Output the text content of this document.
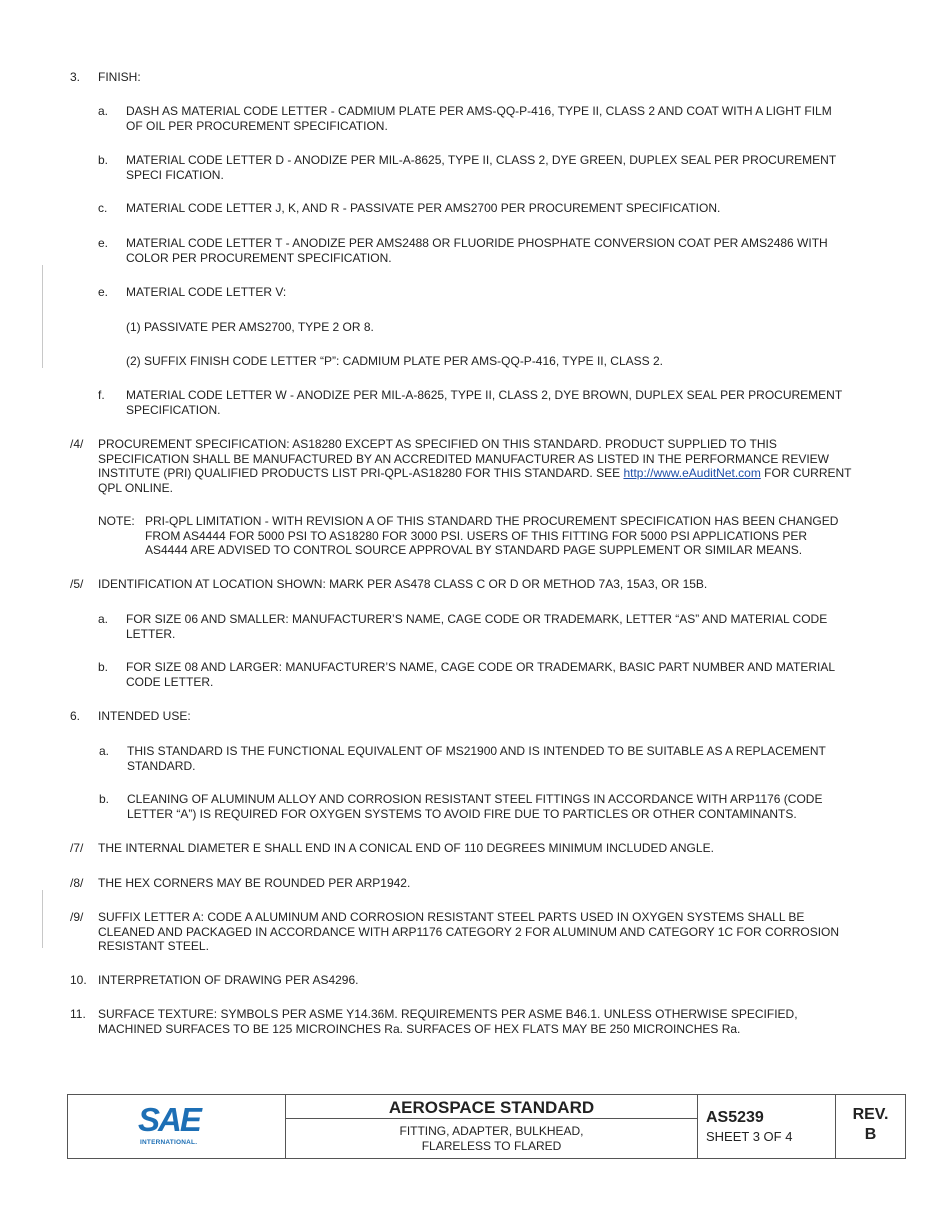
3. FINISH:
a. DASH AS MATERIAL CODE LETTER - CADMIUM PLATE PER AMS-QQ-P-416, TYPE II, CLASS 2 AND COAT WITH A LIGHT FILM
OF OIL PER PROCUREMENT SPECIFICATION.
b. MATERIAL CODE LETTER D - ANODIZE PER MIL-A-8625, TYPE II, CLASS 2, DYE GREEN, DUPLEX SEAL PER PROCUREMENT
SPECI FICATION.
c. MATERIAL CODE LETTER J, K, AND R - PASSIVATE PER AMS2700 PER PROCUREMENT SPECIFICATION.
e. MATERIAL CODE LETTER T - ANODIZE PER AMS2488 OR FLUORIDE PHOSPHATE CONVERSION COAT PER AMS2486 WITH
COLOR PER PROCUREMENT SPECIFICATION.
e. MATERIAL CODE LETTER V:
(1) PASSIVATE PER AMS2700, TYPE 2 OR 8.
(2) SUFFIX FINISH CODE LETTER “P”: CADMIUM PLATE PER AMS-QQ-P-416, TYPE II, CLASS 2.
f. MATERIAL CODE LETTER W - ANODIZE PER MIL-A-8625, TYPE II, CLASS 2, DYE BROWN, DUPLEX SEAL PER PROCUREMENT
SPECIFICATION.
/4/ PROCUREMENT SPECIFICATION: AS18280 EXCEPT AS SPECIFIED ON THIS STANDARD. PRODUCT SUPPLIED TO THIS
SPECIFICATION SHALL BE MANUFACTURED BY AN ACCREDITED MANUFACTURER AS LISTED IN THE PERFORMANCE REVIEW
INSTITUTE (PRI) QUALIFIED PRODUCTS LIST PRI-QPL-AS18280 FOR THIS STANDARD. SEE http://www.eAuditNet.com FOR CURRENT
QPL ONLINE.
NOTE: PRI-QPL LIMITATION - WITH REVISION A OF THIS STANDARD THE PROCUREMENT SPECIFICATION HAS BEEN CHANGED
FROM AS4444 FOR 5000 PSI TO AS18280 FOR 3000 PSI. USERS OF THIS FITTING FOR 5000 PSI APPLICATIONS PER
AS4444 ARE ADVISED TO CONTROL SOURCE APPROVAL BY STANDARD PAGE SUPPLEMENT OR SIMILAR MEANS.
/5/ IDENTIFICATION AT LOCATION SHOWN: MARK PER AS478 CLASS C OR D OR METHOD 7A3, 15A3, OR 15B.
a. FOR SIZE 06 AND SMALLER: MANUFACTURER’S NAME, CAGE CODE OR TRADEMARK, LETTER “AS” AND MATERIAL CODE
LETTER.
b. FOR SIZE 08 AND LARGER: MANUFACTURER’S NAME, CAGE CODE OR TRADEMARK, BASIC PART NUMBER AND MATERIAL
CODE LETTER.
6. INTENDED USE:
a. THIS STANDARD IS THE FUNCTIONAL EQUIVALENT OF MS21900 AND IS INTENDED TO BE SUITABLE AS A REPLACEMENT
STANDARD.
b. CLEANING OF ALUMINUM ALLOY AND CORROSION RESISTANT STEEL FITTINGS IN ACCORDANCE WITH ARP1176 (CODE
LETTER “A”) IS REQUIRED FOR OXYGEN SYSTEMS TO AVOID FIRE DUE TO PARTICLES OR OTHER CONTAMINANTS.
/7/ THE INTERNAL DIAMETER E SHALL END IN A CONICAL END OF 110 DEGREES MINIMUM INCLUDED ANGLE.
/8/ THE HEX CORNERS MAY BE ROUNDED PER ARP1942.
/9/ SUFFIX LETTER A: CODE A ALUMINUM AND CORROSION RESISTANT STEEL PARTS USED IN OXYGEN SYSTEMS SHALL BE
CLEANED AND PACKAGED IN ACCORDANCE WITH ARP1176 CATEGORY 2 FOR ALUMINUM AND CATEGORY 1C FOR CORROSION
RESISTANT STEEL.
10. INTERPRETATION OF DRAWING PER AS4296.
11. SURFACE TEXTURE: SYMBOLS PER ASME Y14.36M. REQUIREMENTS PER ASME B46.1. UNLESS OTHERWISE SPECIFIED,
MACHINED SURFACES TO BE 125 MICROINCHES Ra. SURFACES OF HEX FLATS MAY BE 250 MICROINCHES Ra.
SAE
INTERNATIONAL.
AEROSPACE STANDARD
FITTING, ADAPTER, BULKHEAD,
FLARELESS TO FLARED
AS5239
SHEET 3 OF 4
REV.
B
